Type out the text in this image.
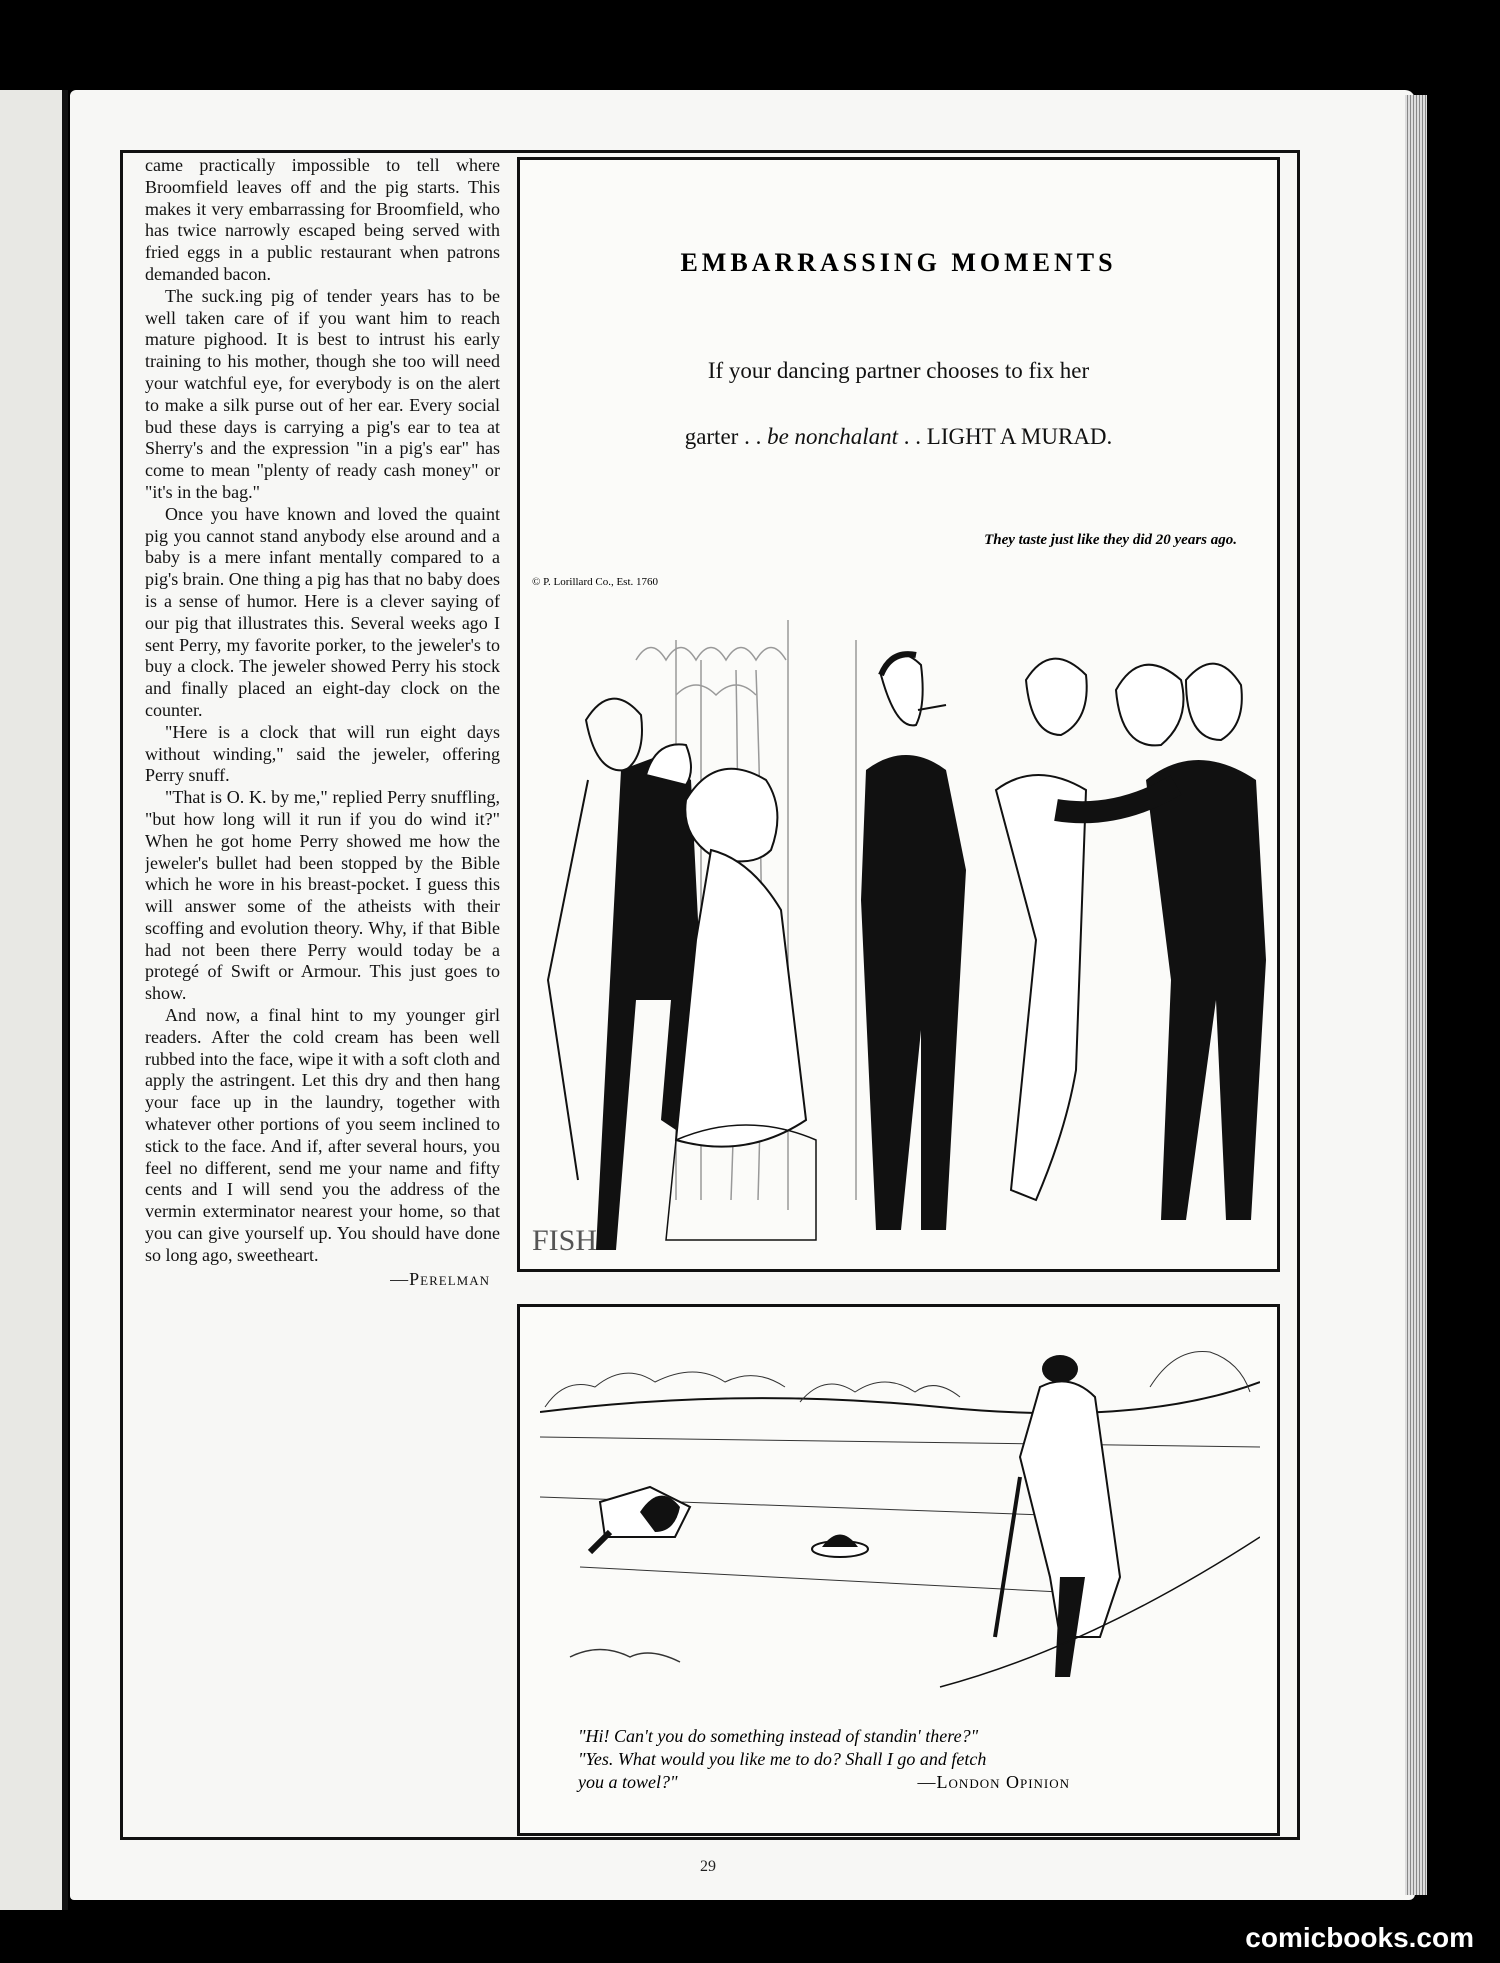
came practically impossible to tell where Broomfield leaves off and the pig starts. This makes it very embarrassing for Broomfield, who has twice narrowly escaped being served with fried eggs in a public restaurant when patrons demanded bacon.

The suck.ing pig of tender years has to be well taken care of if you want him to reach mature pighood. It is best to intrust his early training to his mother, though she too will need your watchful eye, for everybody is on the alert to make a silk purse out of her ear. Every social bud these days is carrying a pig's ear to tea at Sherry's and the expression "in a pig's ear" has come to mean "plenty of ready cash money" or "it's in the bag."

Once you have known and loved the quaint pig you cannot stand anybody else around and a baby is a mere infant mentally compared to a pig's brain. One thing a pig has that no baby does is a sense of humor. Here is a clever saying of our pig that illustrates this. Several weeks ago I sent Perry, my favorite porker, to the jeweler's to buy a clock. The jeweler showed Perry his stock and finally placed an eight-day clock on the counter.

"Here is a clock that will run eight days without winding," said the jeweler, offering Perry snuff.

"That is O. K. by me," replied Perry snuffling, "but how long will it run if you do wind it?" When he got home Perry showed me how the jeweler's bullet had been stopped by the Bible which he wore in his breast-pocket. I guess this will answer some of the atheists with their scoffing and evolution theory. Why, if that Bible had not been there Perry would today be a protegé of Swift or Armour. This just goes to show.

And now, a final hint to my younger girl readers. After the cold cream has been well rubbed into the face, wipe it with a soft cloth and apply the astringent. Let this dry and then hang your face up in the laundry, together with whatever other portions of you seem inclined to stick to the face. And if, after several hours, you feel no different, send me your name and fifty cents and I will send you the address of the vermin exterminator nearest your home, so that you can give yourself up. You should have done so long ago, sweetheart.

—Perelman
EMBARRASSING MOMENTS
If your dancing partner chooses to fix her
garter . . be nonchalant . . LIGHT A MURAD.
They taste just like they did 20 years ago.
© P. Lorillard Co., Est. 1760
FISH
"Hi! Can't you do something instead of standin' there?"
"Yes. What would you like me to do? Shall I go and fetch
you a towel?"	—London Opinion
29
comicbooks.com
